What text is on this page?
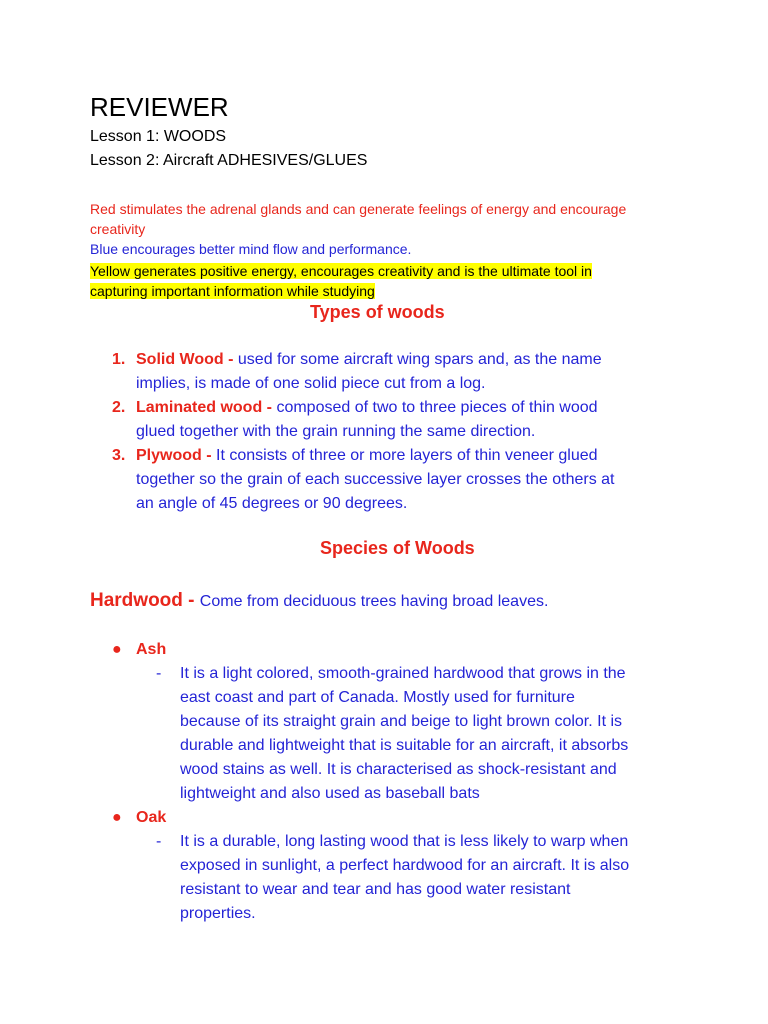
REVIEWER
Lesson 1: WOODS
Lesson 2: Aircraft ADHESIVES/GLUES
Red stimulates the adrenal glands and can generate feelings of energy and encourage
creativity
Blue encourages better mind flow and performance.
Yellow generates positive energy, encourages creativity and is the ultimate tool in
capturing important information while studying
Types of woods
1. Solid Wood - used for some aircraft wing spars and, as the name
implies, is made of one solid piece cut from a log.
2. Laminated wood - composed of two to three pieces of thin wood
glued together with the grain running the same direction.
3. Plywood - It consists of three or more layers of thin veneer glued
together so the grain of each successive layer crosses the others at
an angle of 45 degrees or 90 degrees.
Species of Woods
Hardwood - Come from deciduous trees having broad leaves.
● Ash
- It is a light colored, smooth-grained hardwood that grows in the
east coast and part of Canada. Mostly used for furniture
because of its straight grain and beige to light brown color. It is
durable and lightweight that is suitable for an aircraft, it absorbs
wood stains as well. It is characterised as shock-resistant and
lightweight and also used as baseball bats
● Oak
- It is a durable, long lasting wood that is less likely to warp when
exposed in sunlight, a perfect hardwood for an aircraft. It is also
resistant to wear and tear and has good water resistant
properties.
